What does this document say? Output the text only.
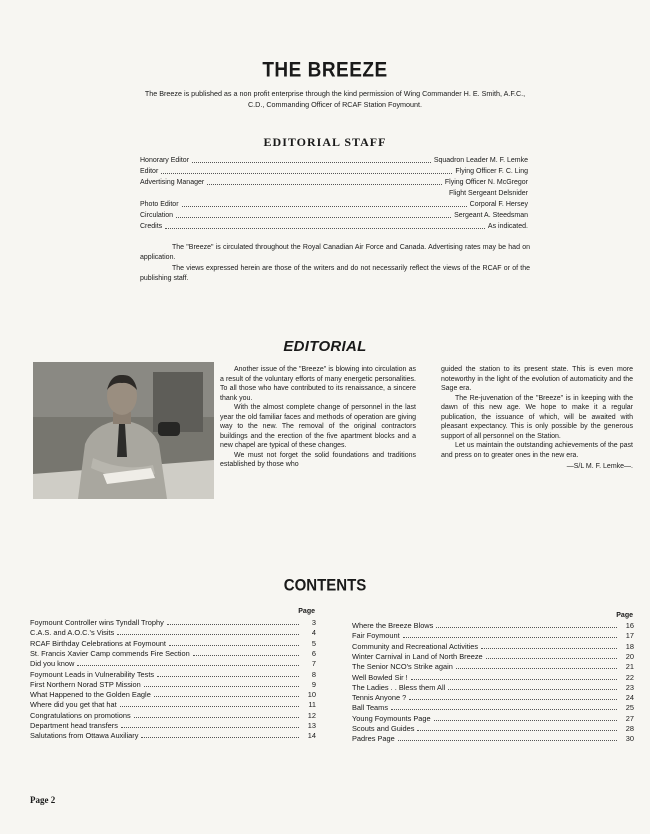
THE BREEZE
The Breeze is published as a non profit enterprise through the kind permission of Wing Commander H. E. Smith, A.F.C., C.D., Commanding Officer of RCAF Station Foymount.
EDITORIAL STAFF
Honorary Editor	Squadron Leader M. F. Lemke
Editor	Flying Officer F. C. Ling
Advertising Manager	Flying Officer N. McGregor
Flight Sergeant Delsnider
Photo Editor	Corporal F. Hersey
Circulation	Sergeant A. Steedsman
Credits	As indicated.
The "Breeze" is circulated throughout the Royal Canadian Air Force and Canada. Advertising rates may be had on application.
The views expressed herein are those of the writers and do not necessarily reflect the views of the RCAF or of the publishing staff.
EDITORIAL

Another issue of the "Breeze" is blowing into circulation as a result of the voluntary efforts of many energetic personalities. To all those who have contributed to its renaissance, a sincere thank you.

With the almost complete change of personnel in the last year the old familiar faces and methods of operation are giving way to the new. The removal of the original contractors buildings and the erection of the five apartment blocks and a new chapel are typical of these changes.

We must not forget the solid foundations and traditions established by those who

guided the station to its present state. This is even more noteworthy in the light of the evolution of automaticity and the Sage era.

The Re-juvenation of the "Breeze" is in keeping with the dawn of this new age. We hope to make it a regular publication, the issuance of which, will be awaited with pleasant expectancy. This is only possible by the generous support of all personnel on the Station.

Let us maintain the outstanding achievements of the past and press on to greater ones in the new era.

—S/L M. F. Lemke—.
CONTENTS
Page
Page
Foymount Controller wins Tyndall Trophy	3
C.A.S. and A.O.C.'s Visits	4
RCAF Birthday Celebrations at Foymount	5
St. Francis Xavier Camp commends Fire Section	6
Did you know	7
Foymount Leads in Vulnerability Tests	8
First Northern Norad STP Mission	9
What Happened to the Golden Eagle	10
Where did you get that hat	11
Congratulations on promotions	12
Department head transfers	13
Salutations from Ottawa Auxiliary	14
Where the Breeze Blows	16
Fair Foymount	17
Community and Recreational Activities	18
Winter Carnival in Land of North Breeze	20
The Senior NCO's Strike again	21
Well Bowled Sir !	22
The Ladies . . Bless them All	23
Tennis Anyone ?	24
Ball Teams	25
Young Foymounts Page	27
Scouts and Guides	28
Padres Page	30
Page 2
